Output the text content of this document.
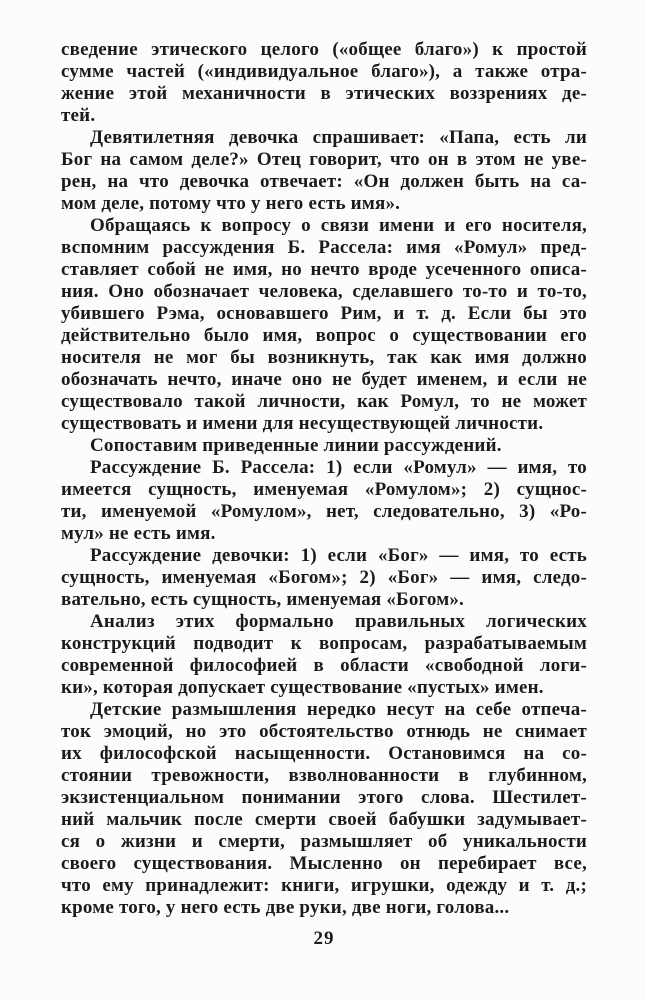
сведение этического целого («общее благо») к простой
сумме частей («индивидуальное благо»), а также отра-
жение этой механичности в этических воззрениях де-
тей.
Девятилетняя девочка спрашивает: «Папа, есть ли
Бог на самом деле?» Отец говорит, что он в этом не уве-
рен, на что девочка отвечает: «Он должен быть на са-
мом деле, потому что у него есть имя».
Обращаясь к вопросу о связи имени и его носителя,
вспомним рассуждения Б. Рассела: имя «Ромул» пред-
ставляет собой не имя, но нечто вроде усеченного описа-
ния. Оно обозначает человека, сделавшего то-то и то-то,
убившего Рэма, основавшего Рим, и т. д. Если бы это
действительно было имя, вопрос о существовании его
носителя не мог бы возникнуть, так как имя должно
обозначать нечто, иначе оно не будет именем, и если не
существовало такой личности, как Ромул, то не может
существовать и имени для несуществующей личности.
Сопоставим приведенные линии рассуждений.
Рассуждение Б. Рассела: 1) если «Ромул» — имя, то
имеется сущность, именуемая «Ромулом»; 2) сущнос-
ти, именуемой «Ромулом», нет, следовательно, 3) «Ро-
мул» не есть имя.
Рассуждение девочки: 1) если «Бог» — имя, то есть
сущность, именуемая «Богом»; 2) «Бог» — имя, следо-
вательно, есть сущность, именуемая «Богом».
Анализ этих формально правильных логических
конструкций подводит к вопросам, разрабатываемым
современной философией в области «свободной логи-
ки», которая допускает существование «пустых» имен.
Детские размышления нередко несут на себе отпеча-
ток эмоций, но это обстоятельство отнюдь не снимает
их философской насыщенности. Остановимся на со-
стоянии тревожности, взволнованности в глубинном,
экзистенциальном понимании этого слова. Шестилет-
ний мальчик после смерти своей бабушки задумывает-
ся о жизни и смерти, размышляет об уникальности
своего существования. Мысленно он перебирает все,
что ему принадлежит: книги, игрушки, одежду и т. д.;
кроме того, у него есть две руки, две ноги, голова...
29
